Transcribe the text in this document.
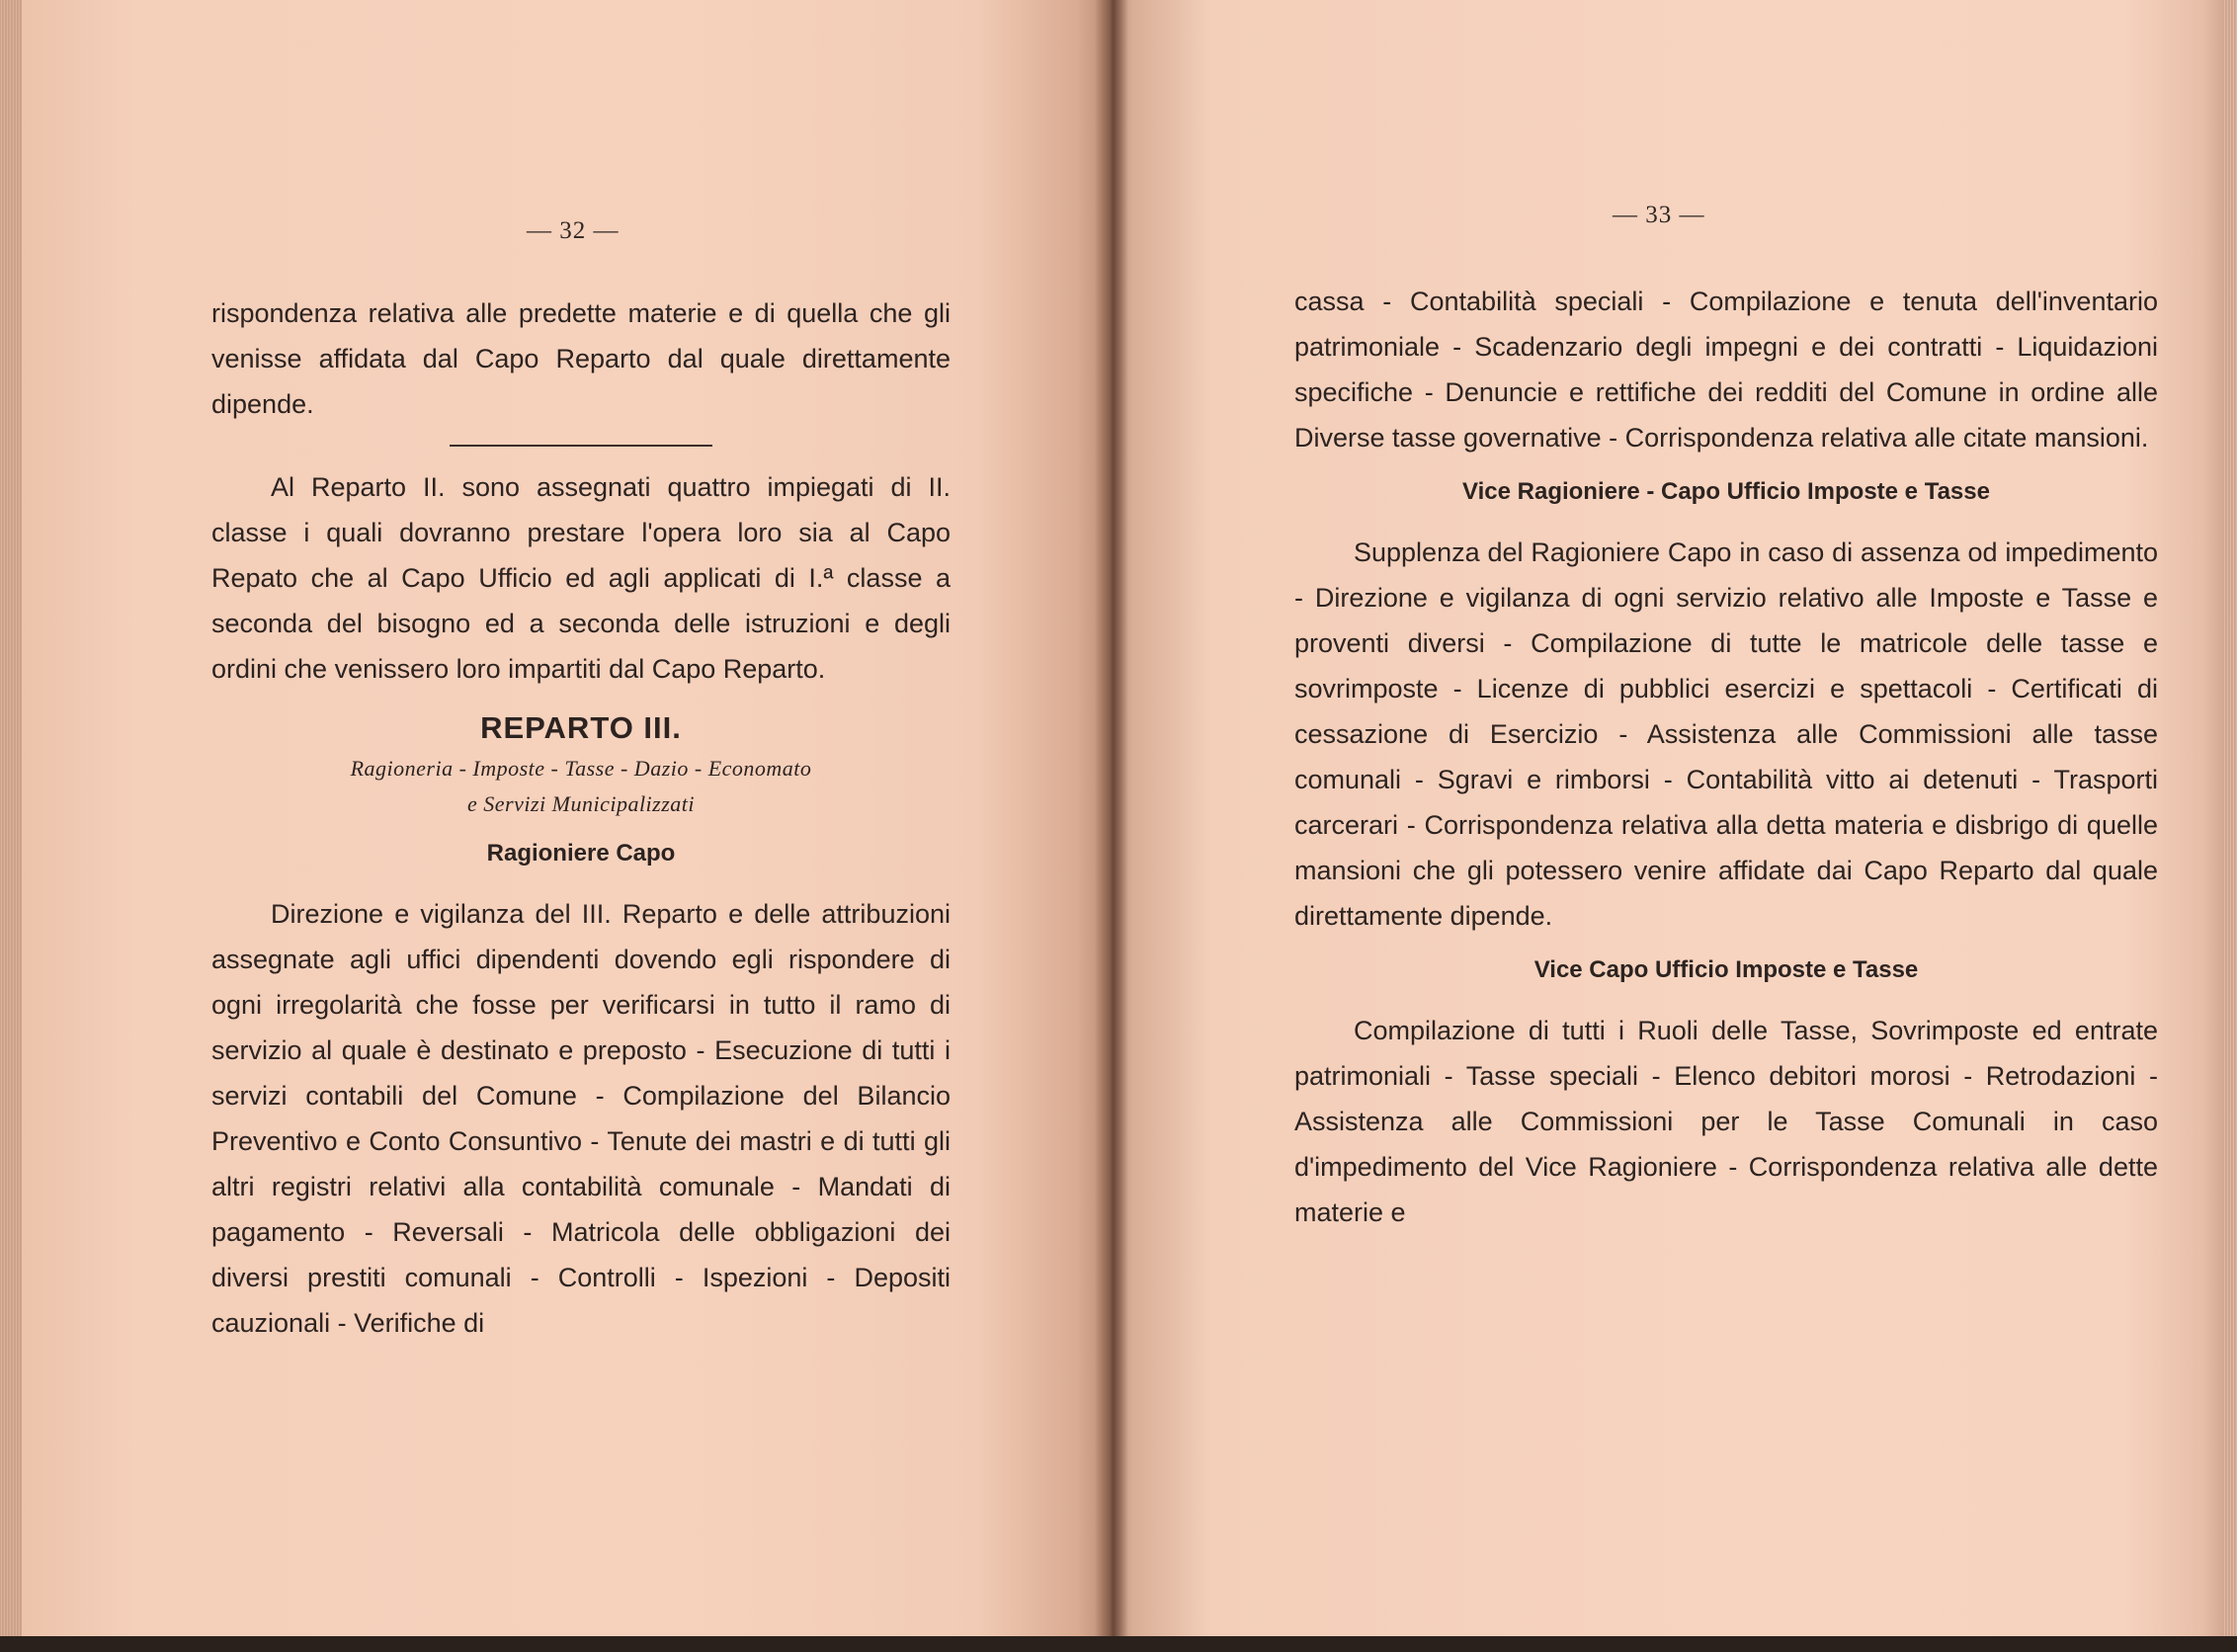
— 32 —

rispondenza relativa alle predette materie e di quella che gli venisse affidata dal Capo Reparto dal quale direttamente dipende.

Al Reparto II. sono assegnati quattro impiegati di II. classe i quali dovranno prestare l'opera loro sia al Capo Repato che al Capo Ufficio ed agli applicati di I.ª classe a seconda del bisogno ed a seconda delle istruzioni e degli ordini che venissero loro impartiti dal Capo Reparto.

REPARTO III.

Ragioneria - Imposte - Tasse - Dazio - Economato

e Servizi Municipalizzati

Ragioniere Capo

Direzione e vigilanza del III. Reparto e delle attribuzioni assegnate agli uffici dipendenti dovendo egli rispondere di ogni irregolarità che fosse per verificarsi in tutto il ramo di servizio al quale è destinato e preposto - Esecuzione di tutti i servizi contabili del Comune - Compilazione del Bilancio Preventivo e Conto Consuntivo - Tenute dei mastri e di tutti gli altri registri relativi alla contabilità comunale - Mandati di pagamento - Reversali - Matricola delle obbligazioni dei diversi prestiti comunali - Controlli - Ispezioni - Depositi cauzionali - Verifiche di

— 33 —

cassa - Contabilità speciali - Compilazione e tenuta dell'inventario patrimoniale - Scadenzario degli impegni e dei contratti - Liquidazioni specifiche - Denuncie e rettifiche dei redditi del Comune in ordine alle Diverse tasse governative - Corrispondenza relativa alle citate mansioni.

Vice Ragioniere - Capo Ufficio Imposte e Tasse

Supplenza del Ragioniere Capo in caso di assenza od impedimento - Direzione e vigilanza di ogni servizio relativo alle Imposte e Tasse e proventi diversi - Compilazione di tutte le matricole delle tasse e sovrimposte - Licenze di pubblici esercizi e spettacoli - Certificati di cessazione di Esercizio - Assistenza alle Commissioni alle tasse comunali - Sgravi e rimborsi - Contabilità vitto ai detenuti - Trasporti carcerari - Corrispondenza relativa alla detta materia e disbrigo di quelle mansioni che gli potessero venire affidate dai Capo Reparto dal quale direttamente dipende.

Vice Capo Ufficio Imposte e Tasse

Compilazione di tutti i Ruoli delle Tasse, Sovrimposte ed entrate patrimoniali - Tasse speciali - Elenco debitori morosi - Retrodazioni - Assistenza alle Commissioni per le Tasse Comunali in caso d'impedimento del Vice Ragioniere - Corrispondenza relativa alle dette materie e
